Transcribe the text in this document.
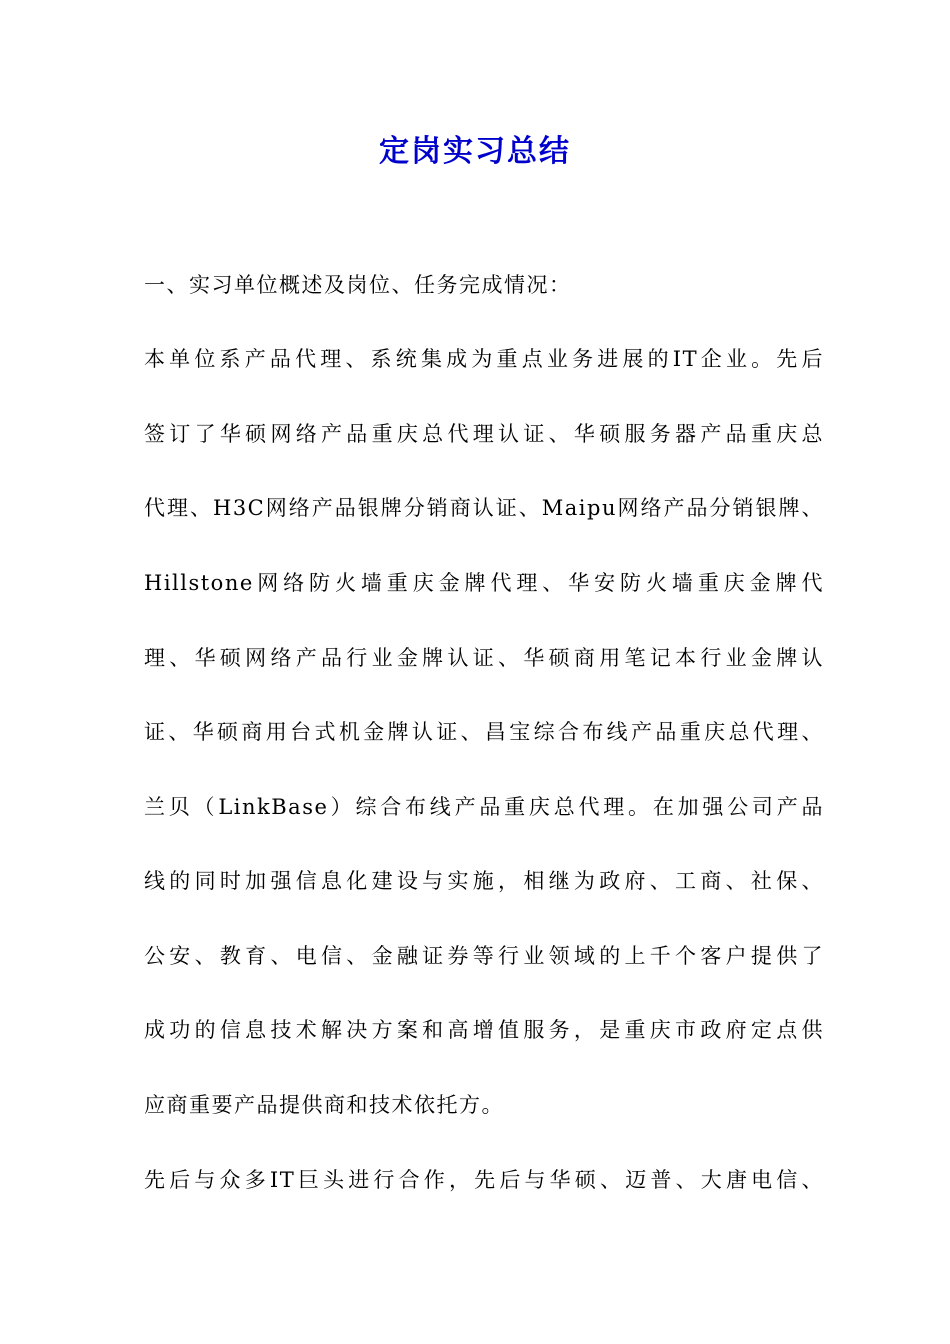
定岗实习总结
一、实习单位概述及岗位、任务完成情况：
本单位系产品代理、系统集成为重点业务进展的IT企业。先后
签订了华硕网络产品重庆总代理认证、华硕服务器产品重庆总
代理、H3C网络产品银牌分销商认证、Maipu网络产品分销银牌、
Hillstone网络防火墙重庆金牌代理、华安防火墙重庆金牌代
理、华硕网络产品行业金牌认证、华硕商用笔记本行业金牌认
证、华硕商用台式机金牌认证、昌宝综合布线产品重庆总代理、
兰贝（LinkBase）综合布线产品重庆总代理。在加强公司产品
线的同时加强信息化建设与实施，相继为政府、工商、社保、
公安、教育、电信、金融证券等行业领域的上千个客户提供了
成功的信息技术解决方案和高增值服务，是重庆市政府定点供
应商重要产品提供商和技术依托方。
先后与众多IT巨头进行合作，先后与华硕、迈普、大唐电信、
